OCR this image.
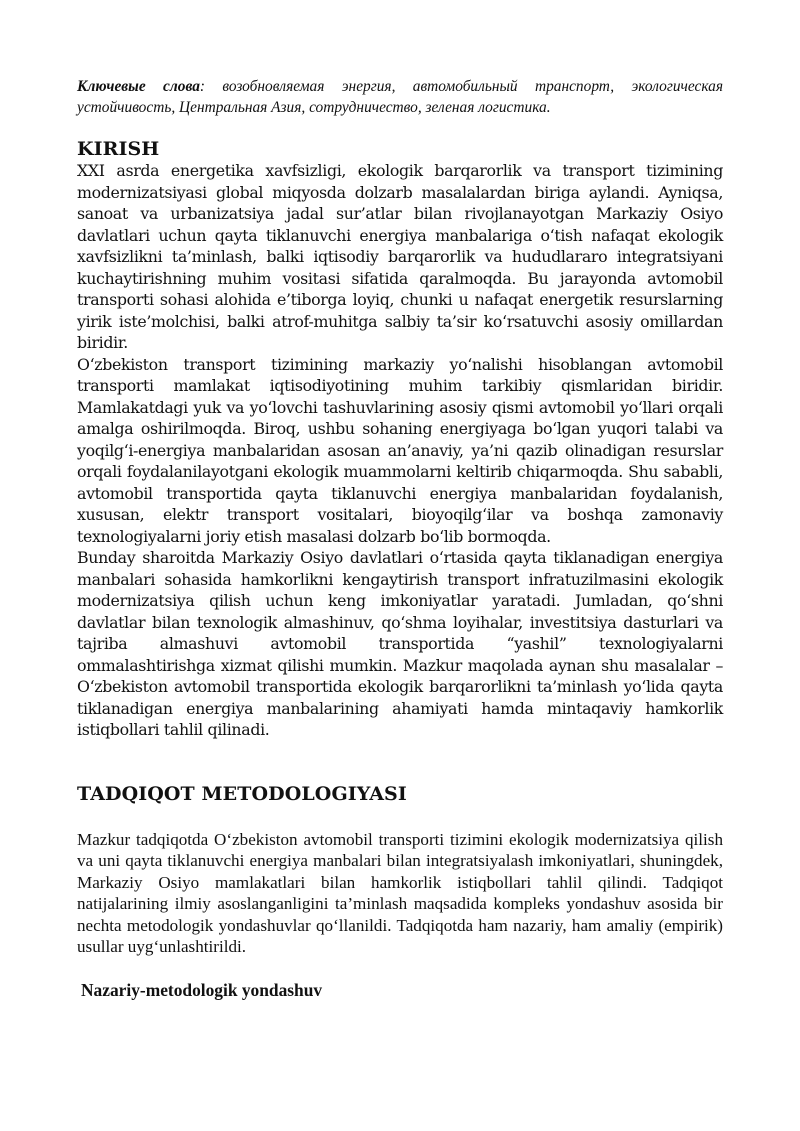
Ключевые слова: возобновляемая энергия, автомобильный транспорт, экологическая устойчивость, Центральная Азия, сотрудничество, зеленая логистика.

KIRISH

XXI asrda energetika xavfsizligi, ekologik barqarorlik va transport tizimining modernizatsiyasi global miqyosda dolzarb masalalardan biriga aylandi. Ayniqsa, sanoat va urbanizatsiya jadal sur’atlar bilan rivojlanayotgan Markaziy Osiyo davlatlari uchun qayta tiklanuvchi energiya manbalariga o‘tish nafaqat ekologik xavfsizlikni ta’minlash, balki iqtisodiy barqarorlik va hududlararo integratsiyani kuchaytirishning muhim vositasi sifatida qaralmoqda. Bu jarayonda avtomobil transporti sohasi alohida e’tiborga loyiq, chunki u nafaqat energetik resurslarning yirik iste’molchisi, balki atrof-muhitga salbiy ta’sir ko‘rsatuvchi asosiy omillardan biridir.

O‘zbekiston transport tizimining markaziy yo‘nalishi hisoblangan avtomobil transporti mamlakat iqtisodiyotining muhim tarkibiy qismlaridan biridir. Mamlakatdagi yuk va yo‘lovchi tashuvlarining asosiy qismi avtomobil yo‘llari orqali amalga oshirilmoqda. Biroq, ushbu sohaning energiyaga bo‘lgan yuqori talabi va yoqilg‘i-energiya manbalaridan asosan an’anaviy, ya’ni qazib olinadigan resurslar orqali foydalanilayotgani ekologik muammolarni keltirib chiqarmoqda. Shu sababli, avtomobil transportida qayta tiklanuvchi energiya manbalaridan foydalanish, xususan, elektr transport vositalari, bioyoqilg‘ilar va boshqa zamonaviy texnologiyalarni joriy etish masalasi dolzarb bo‘lib bormoqda.

Bunday sharoitda Markaziy Osiyo davlatlari o‘rtasida qayta tiklanadigan energiya manbalari sohasida hamkorlikni kengaytirish transport infratuzilmasini ekologik modernizatsiya qilish uchun keng imkoniyatlar yaratadi. Jumladan, qo‘shni davlatlar bilan texnologik almashinuv, qo‘shma loyihalar, investitsiya dasturlari va tajriba almashuvi avtomobil transportida “yashil” texnologiyalarni ommalashtirishga xizmat qilishi mumkin. Mazkur maqolada aynan shu masalalar – O‘zbekiston avtomobil transportida ekologik barqarorlikni ta’minlash yo‘lida qayta tiklanadigan energiya manbalarining ahamiyati hamda mintaqaviy hamkorlik istiqbollari tahlil qilinadi.

TADQIQOT METODOLOGIYASI

Mazkur tadqiqotda O‘zbekiston avtomobil transporti tizimini ekologik modernizatsiya qilish va uni qayta tiklanuvchi energiya manbalari bilan integratsiyalash imkoniyatlari, shuningdek, Markaziy Osiyo mamlakatlari bilan hamkorlik istiqbollari tahlil qilindi. Tadqiqot natijalarining ilmiy asoslanganligini ta’minlash maqsadida kompleks yondashuv asosida bir nechta metodologik yondashuvlar qo‘llanildi. Tadqiqotda ham nazariy, ham amaliy (empirik) usullar uyg‘unlashtirildi.

Nazariy-metodologik yondashuv
